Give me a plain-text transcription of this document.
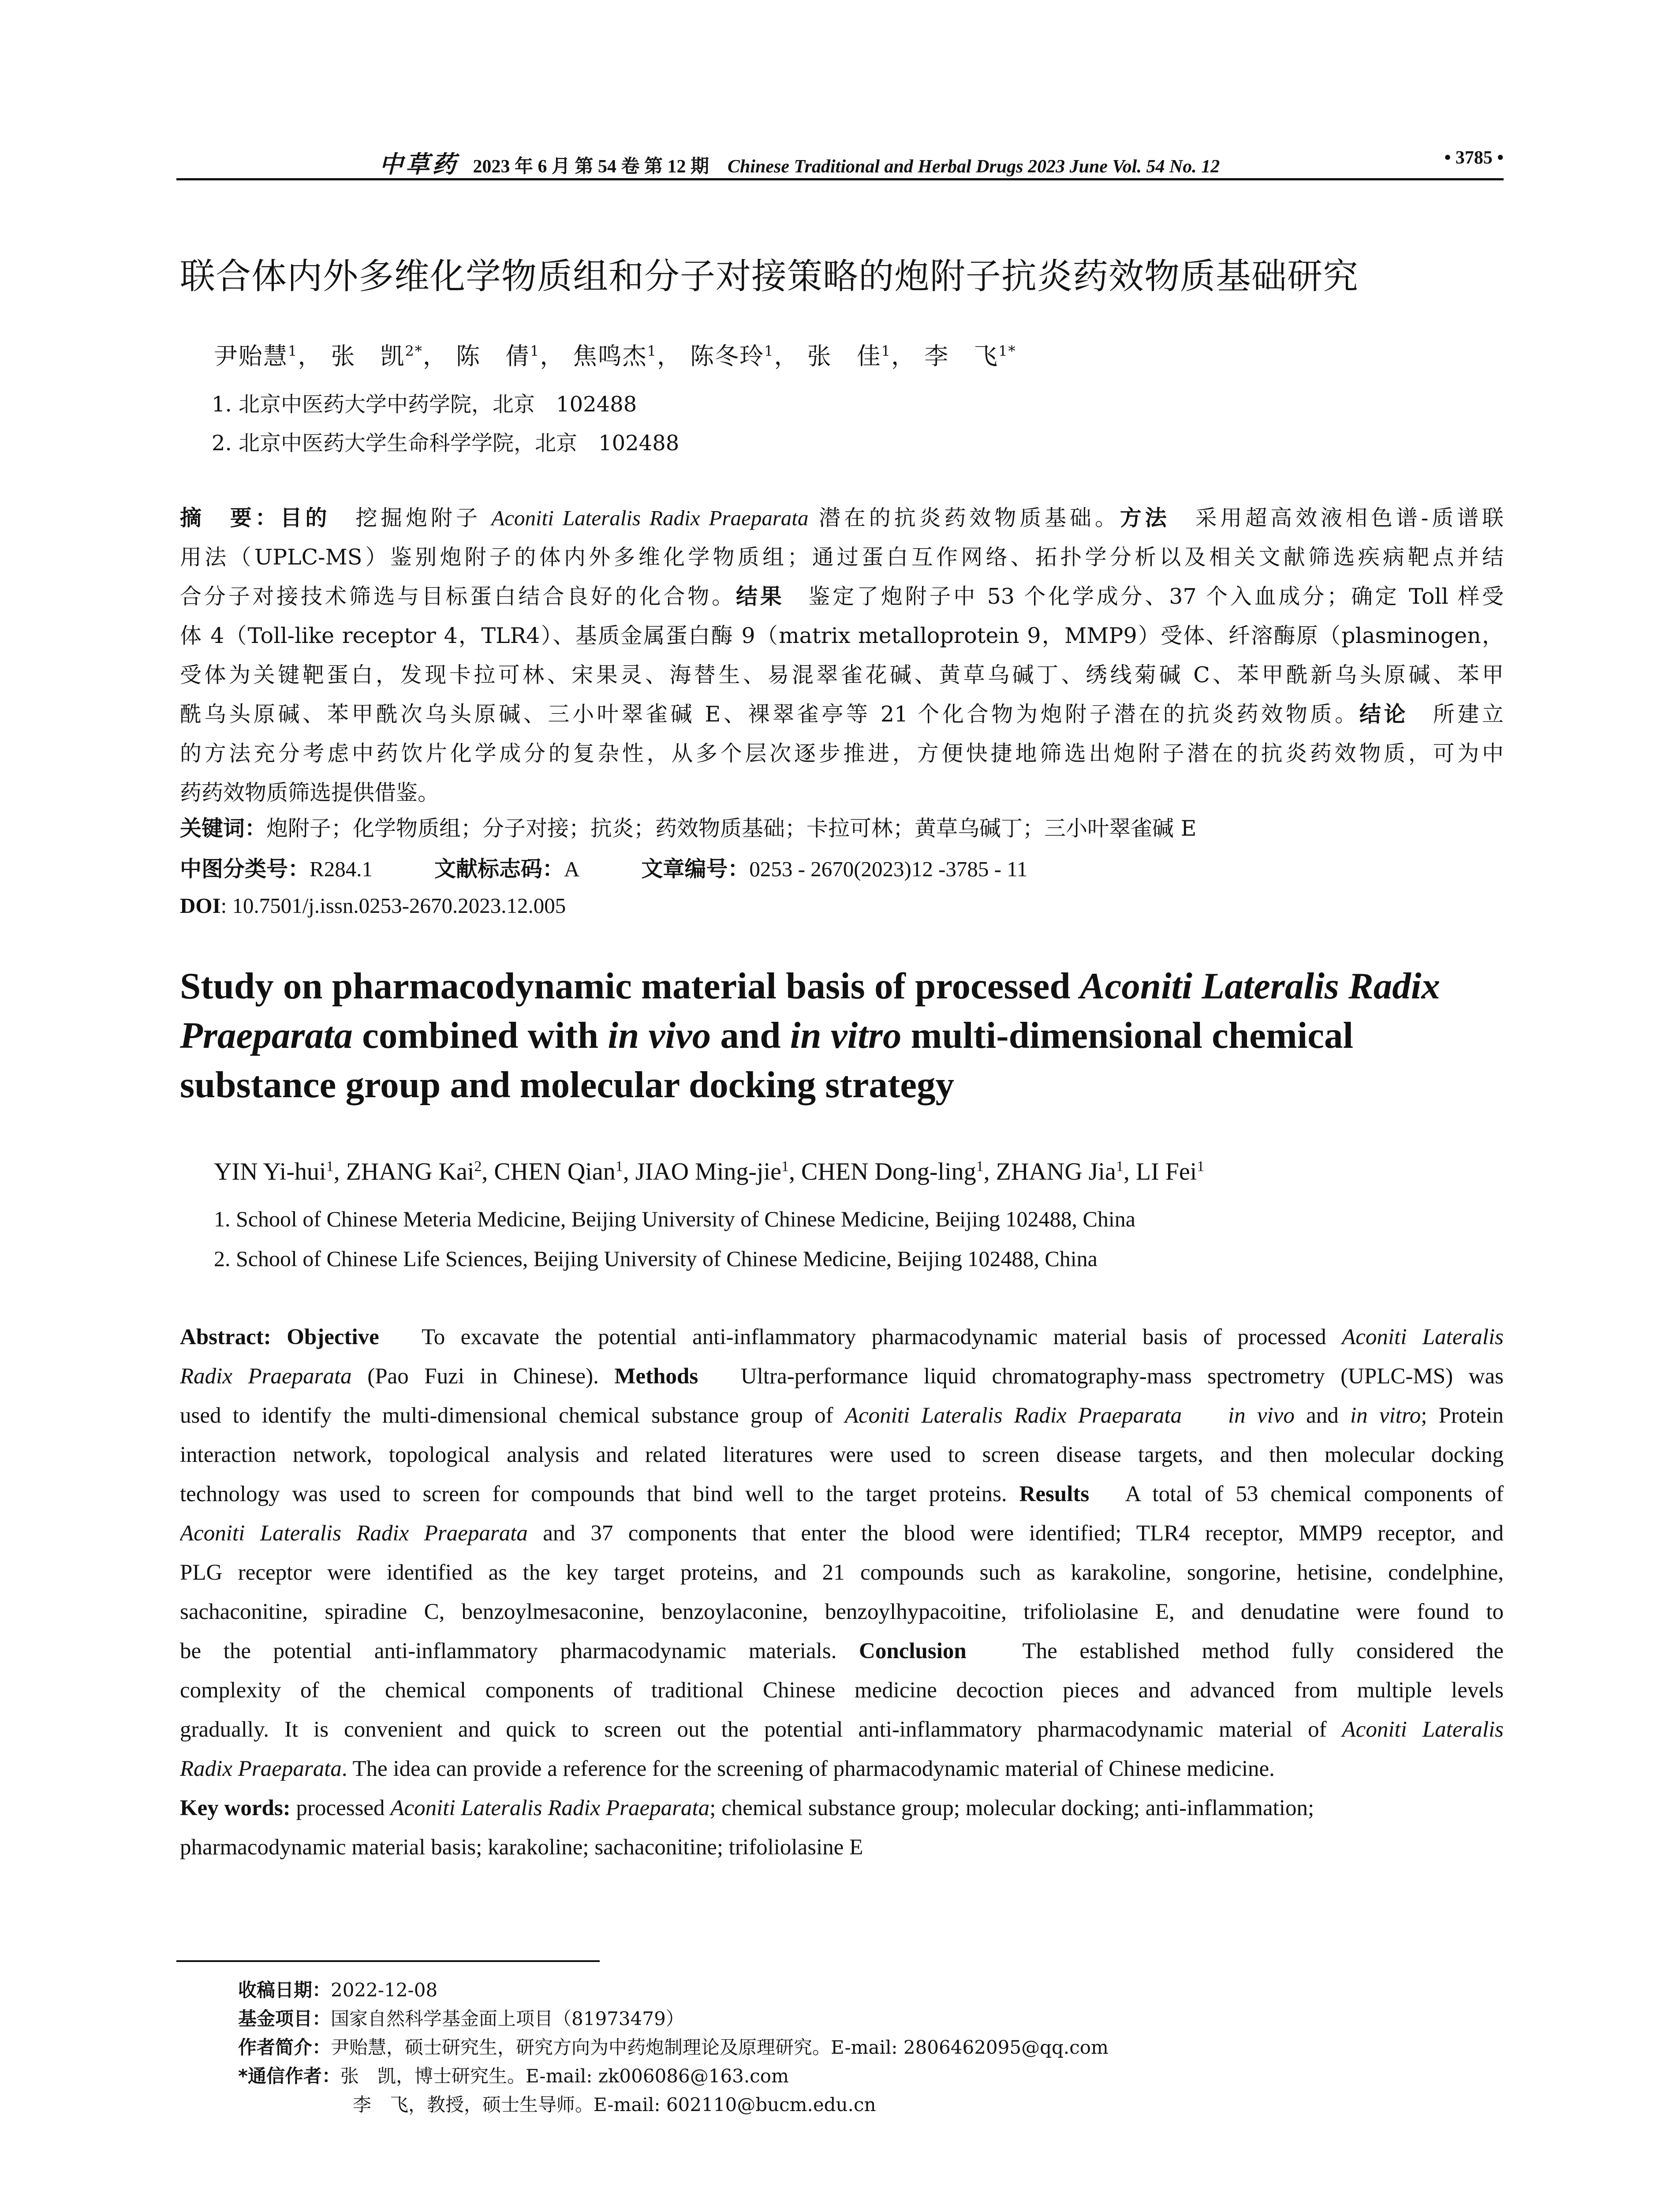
中草药 2023 年 6 月 第 54 卷 第 12 期 Chinese Traditional and Herbal Drugs 2023 June Vol. 54 No. 12	• 3785 •
联合体内外多维化学物质组和分子对接策略的炮附子抗炎药效物质基础研究
尹贻慧$^1$， 张　凯$^{2*}$， 陈　倩$^1$， 焦鸣杰$^1$， 陈冬玲$^1$， 张　佳$^1$， 李　飞$^{1*}$
1. 北京中医药大学中药学院，北京　102488
2. 北京中医药大学生命科学学院，北京　102488
摘　要：目的　挖掘炮附子 Aconiti Lateralis Radix Praeparata 潜在的抗炎药效物质基础。方法　采用超高效液相色谱-质谱联
用法（UPLC-MS）鉴别炮附子的体内外多维化学物质组；通过蛋白互作网络、拓扑学分析以及相关文献筛选疾病靶点并结
合分子对接技术筛选与目标蛋白结合良好的化合物。结果　鉴定了炮附子中 53 个化学成分、37 个入血成分；确定 Toll 样受
体 4（Toll-like receptor 4，TLR4）、基质金属蛋白酶 9（matrix metalloprotein 9，MMP9）受体、纤溶酶原（plasminogen，
受体为关键靶蛋白，发现卡拉可林、宋果灵、海替生、易混翠雀花碱、黄草乌碱丁、绣线菊碱 C、苯甲酰新乌头原碱、苯甲
酰乌头原碱、苯甲酰次乌头原碱、三小叶翠雀碱 E、裸翠雀亭等 21 个化合物为炮附子潜在的抗炎药效物质。结论　所建立
的方法充分考虑中药饮片化学成分的复杂性，从多个层次逐步推进，方便快捷地筛选出炮附子潜在的抗炎药效物质，可为中
药药效物质筛选提供借鉴。
关键词：炮附子；化学物质组；分子对接；抗炎；药效物质基础；卡拉可林；黄草乌碱丁；三小叶翠雀碱 E
中图分类号：R284.1	文献标志码：A	文章编号：0253 - 2670(2023)12 -3785 - 11
DOI: 10.7501/j.issn.0253-2670.2023.12.005
Study on pharmacodynamic material basis of processed Aconiti Lateralis Radix Praeparata combined with in vivo and in vitro multi-dimensional chemical substance group and molecular docking strategy
YIN Yi-hui$^1$, ZHANG Kai$^2$, CHEN Qian$^1$, JIAO Ming-jie$^1$, CHEN Dong-ling$^1$, ZHANG Jia$^1$, LI Fei$^1$
1. School of Chinese Meteria Medicine, Beijing University of Chinese Medicine, Beijing 102488, China
2. School of Chinese Life Sciences, Beijing University of Chinese Medicine, Beijing 102488, China
Abstract: Objective　To excavate the potential anti-inflammatory pharmacodynamic material basis of processed Aconiti Lateralis
Radix Praeparata (Pao Fuzi in Chinese). Methods　Ultra-performance liquid chromatography-mass spectrometry (UPLC-MS) was
used to identify the multi-dimensional chemical substance group of Aconiti Lateralis Radix Praeparata in vivo and in vitro; Protein
interaction network, topological analysis and related literatures were used to screen disease targets, and then molecular docking
technology was used to screen for compounds that bind well to the target proteins. Results　A total of 53 chemical components of
Aconiti Lateralis Radix Praeparata and 37 components that enter the blood were identified; TLR4 receptor, MMP9 receptor, and
PLG receptor were identified as the key target proteins, and 21 compounds such as karakoline, songorine, hetisine, condelphine,
sachaconitine, spiradine C, benzoylmesaconine, benzoylaconine, benzoylhypacoitine, trifoliolasine E, and denudatine were found to
be the potential anti-inflammatory pharmacodynamic materials. Conclusion　The established method fully considered the
complexity of the chemical components of traditional Chinese medicine decoction pieces and advanced from multiple levels
gradually. It is convenient and quick to screen out the potential anti-inflammatory pharmacodynamic material of Aconiti Lateralis
Radix Praeparata. The idea can provide a reference for the screening of pharmacodynamic material of Chinese medicine.
Key words: processed Aconiti Lateralis Radix Praeparata; chemical substance group; molecular docking; anti-inflammation;
pharmacodynamic material basis; karakoline; sachaconitine; trifoliolasine E
收稿日期：2022-12-08
基金项目：国家自然科学基金面上项目（81973479）
作者简介：尹贻慧，硕士研究生，研究方向为中药炮制理论及原理研究。E-mail: 2806462095@qq.com
*通信作者：张　凯，博士研究生。E-mail: zk006086@163.com
李　飞，教授，硕士生导师。E-mail: 602110@bucm.edu.cn
